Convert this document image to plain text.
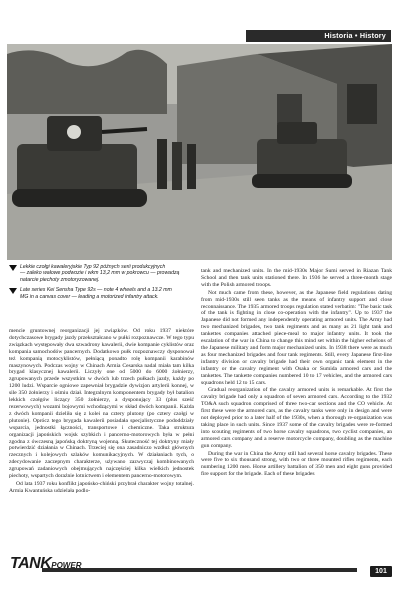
Historia • History
Lekkie czołgi kawaleryjskie Typ 92 późnych serii produkcyjnych
— zaleko wałowe podwozie i wkm 13,2 mm w pokrowcu — prowadzą
natarcie piechoty zmotoryzowanej.
Late series Kei Sensha Type 92s — note 4 wheels and a 13.2 mm
MG in a canvas cover — leading a motorized infantry attack.

mencie gruntownej reorganizacji jej związków. Od roku 1937 niektóre dotychczasowe brygady jazdy przekształcano w pułki rozpoznawcze. W tego typu związkach występowały dwa szwadrony kawalerii, dwie kompanie cyklistów oraz kompania samochodów pancernych. Dodatkowo pułk rozpoznawczy dysponował też kompanią motocyklistów, pełniącą ponadto rolę kompanii karabinów maszynowych. Podczas wojny w Chinach Armia Cesarska nadal miała tam kilka brygad klasycznej kawalerii. Liczyły one od 5000 do 6000 żołnierzy, zgrupowanych przede wszystkim w dwóch lub trzech pułkach jazdy, każdy po 1200 ludzi. Wsparcie ogniowe zapewniał brygadzie dywizjon artylerii konnej, w sile 350 żołnierzy i ośmiu dział. Integralnym komponentem brygady był batalion lekkich czołgów liczący 350 żołnierzy, a dysponujący 33 (plus sześć rezerwowych) wozami bojowymi wchodzącymi w skład dwóch kompanii. Każda z dwóch kompanii dzieliła się z kolei na cztery plutony (po cztery czołgi w plutonie). Oprócz tego brygada kawalerii posiadała specjalistyczne pododdziały wsparcia, jednostki łączności, transportowe i chemiczne. Taka struktura organizacji japońskich wojsk szybkich i pancerno-motorowych była w pełni zgodna z ówczesną japońską doktryną wojenną. Skuteczność tej doktryny miały potwierdzić działania w Chinach. Trzeciej się ona zasadniczo wzdłuż głównych rzecznych i kolejowych szlaków komunikacyjnych. W działaniach tych, o zdecydowanie zaczepnym charakterze, używano zazwyczaj kombinowanych zgrupowań zadaniowych obejmujących najczęściej kilka wielkich jednostek piechoty, wspartych doraźnie lotnictwem i elementem pancerno-motorowym.

Od lata 1937 roku konflikt japońsko-chiński przybrał charakter wojny totalnej. Armia Kwantuńska udzielała podlo-

tank and mechanized units. In the mid-1930s Major Sumi served in Riazan Tank School and then tank units stationed there. In 1936 he served a three-month stage with the Polish armored troops.

Not much came from these, however, as the Japanese field regulations dating from mid-1930s still seen tanks as the means of infantry support and close reconnaissance. The 1935 armored troops regulation stated verbatim: "The basic task of the tank is fighting in close co-operation with the infantry". Up to 1937 the Japanese did not formed any independently operating armored units. The Army had two mechanized brigades, two tank regiments and as many as 21 light tank and tankettes companies attached piece-meal to major infantry units. It took the escalation of the war in China to change this mind set within the higher echelons of the Japanese military and form major mechanized units. In 1938 there were as much as four mechanized brigades and four tank regiments. Still, every Japanese first-line infantry division or cavalry brigade had their own organic tank element in the infantry or the cavalry regiment with Osaka or Sumida armored cars and the tankettes. The tankette companies numbered 10 to 17 vehicles, and the armored cars squadrons held 12 to 15 cars.

Gradual reorganization of the cavalry armored units is remarkable. At first the cavalry brigade had only a squadron of seven armored cars. According to the 1932 TO&A such squadron comprised of three two-car sections and the CO vehicle. At first these were the armored cars, as the cavalry tanks were only in design and were not deployed prior to a later half of the 1930s, when a thorough re-organization was taking place in such units. Since 1937 some of the cavalry brigades were re-formed into scouting regiments of two horse cavalry squadrons, two cyclist companies, an armored cars company and a reserve motorcycle company, doubling as the machine gun company.

During the war in China the Army still had several horse cavalry brigades. These were five to six thousand strong, with two or three mounted rifles regiments, each numbering 1200 men. Horse artillery battalion of 350 men and eight guns provided fire support for the brigade. Each of these brigades

TANKPOWER
101
